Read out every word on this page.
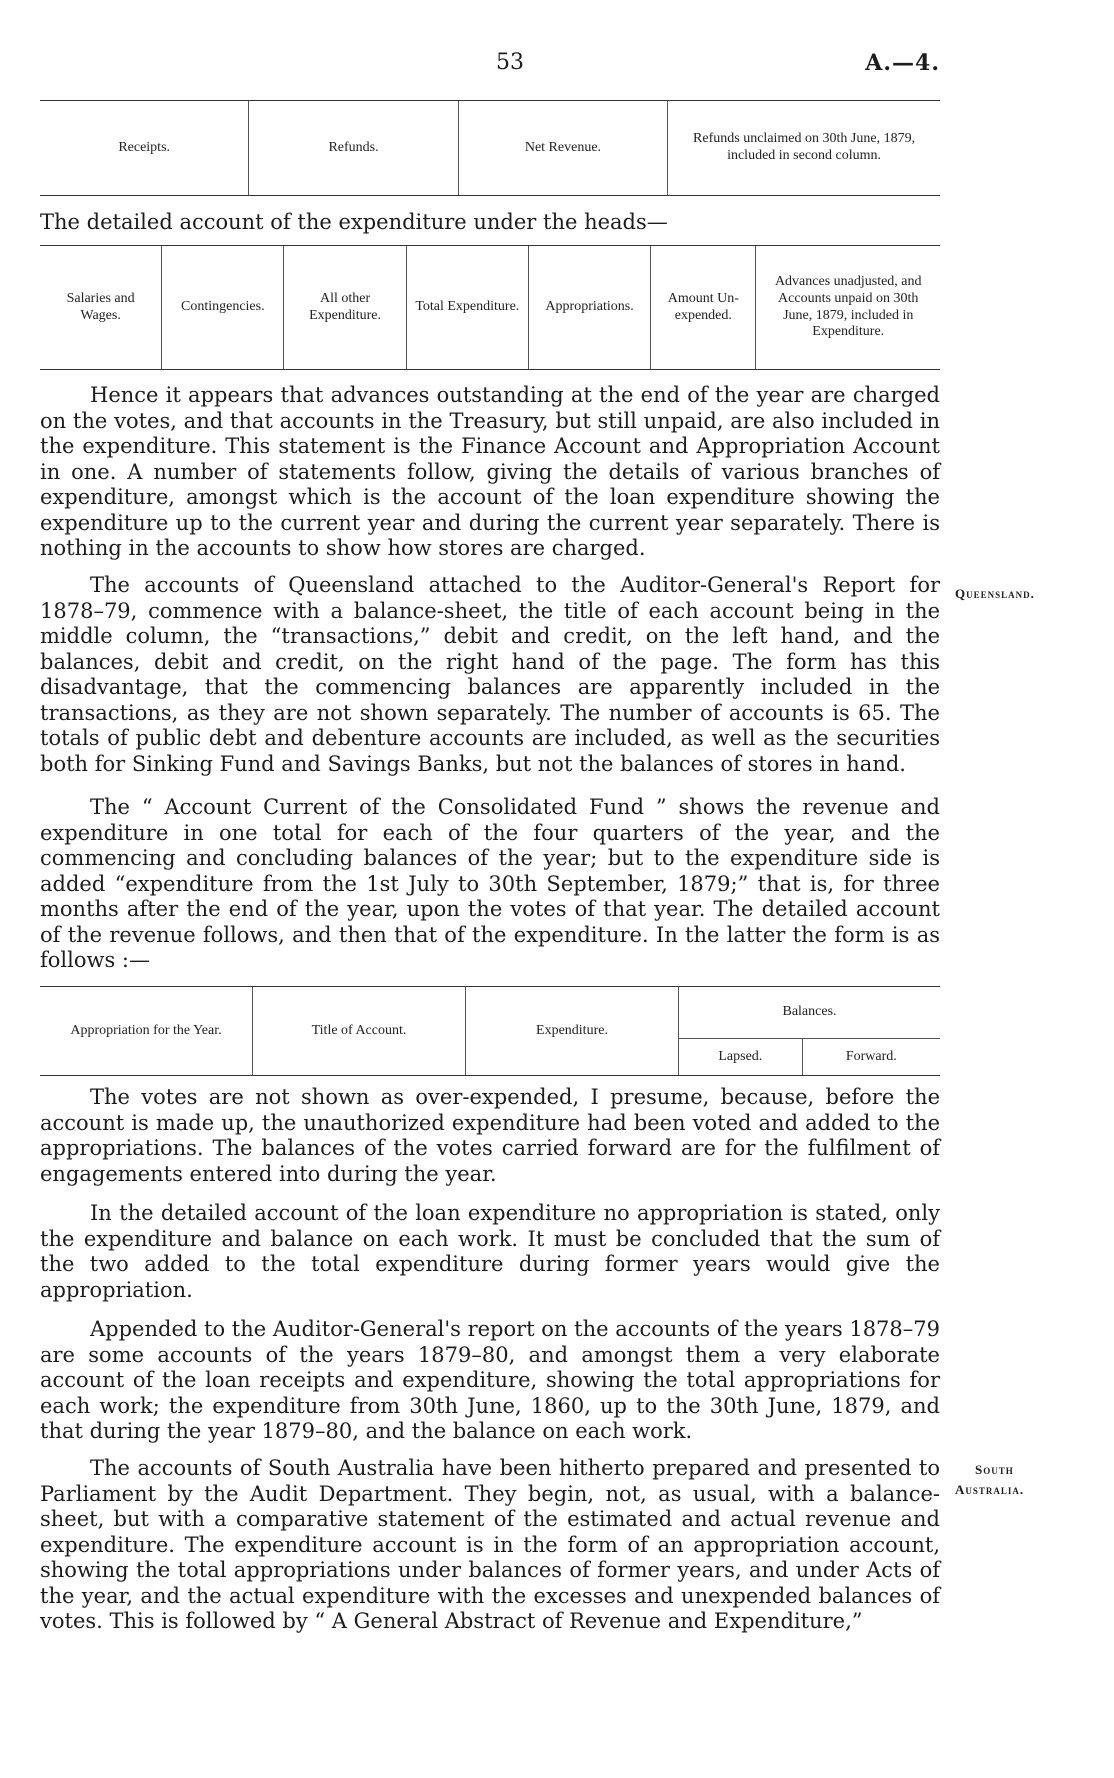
53	A.—4.
Receipts.	Refunds.	Net Revenue.	Refunds unclaimed on 30th June, 1879, included in second column.
The detailed account of the expenditure under the heads—
Salaries and Wages.	Contingencies.	All other Expenditure.	Total Expenditure.	Appropriations.	Amount Un-expended.	Advances unadjusted, and Accounts unpaid on 30th June, 1879, included in Expenditure.

Hence it appears that advances outstanding at the end of the year are charged on the votes, and that accounts in the Treasury, but still unpaid, are also included in the expenditure. This statement is the Finance Account and Appropriation Account in one. A number of statements follow, giving the details of various branches of expenditure, amongst which is the account of the loan expenditure showing the expenditure up to the current year and during the current year separately. There is nothing in the accounts to show how stores are charged.

The accounts of Queensland attached to the Auditor-General's Report for 1878–79, commence with a balance-sheet, the title of each account being in the middle column, the “transactions,” debit and credit, on the left hand, and the balances, debit and credit, on the right hand of the page. The form has this disadvantage, that the commencing balances are apparently included in the transactions, as they are not shown separately. The number of accounts is 65. The totals of public debt and debenture accounts are included, as well as the securities both for Sinking Fund and Savings Banks, but not the balances of stores in hand.

The “ Account Current of the Consolidated Fund ” shows the revenue and expenditure in one total for each of the four quarters of the year, and the commencing and concluding balances of the year; but to the expenditure side is added “expenditure from the 1st July to 30th September, 1879;” that is, for three months after the end of the year, upon the votes of that year. The detailed account of the revenue follows, and then that of the expenditure. In the latter the form is as follows :—

Appropriation for the Year.	Title of Account.	Expenditure.	Balances.	
			Lapsed.	Forward.

The votes are not shown as over-expended, I presume, because, before the account is made up, the unauthorized expenditure had been voted and added to the appropriations. The balances of the votes carried forward are for the fulfilment of engagements entered into during the year.

In the detailed account of the loan expenditure no appropriation is stated, only the expenditure and balance on each work. It must be concluded that the sum of the two added to the total expenditure during former years would give the appropriation.

Appended to the Auditor-General's report on the accounts of the years 1878–79 are some accounts of the years 1879–80, and amongst them a very elaborate account of the loan receipts and expenditure, showing the total appropriations for each work; the expenditure from 30th June, 1860, up to the 30th June, 1879, and that during the year 1879–80, and the balance on each work.

The accounts of South Australia have been hitherto prepared and presented to Parliament by the Audit Department. They begin, not, as usual, with a balance-sheet, but with a comparative statement of the estimated and actual revenue and expenditure. The expenditure account is in the form of an appropriation account, showing the total appropriations under balances of former years, and under Acts of the year, and the actual expenditure with the excesses and unexpended balances of votes. This is followed by “ A General Abstract of Revenue and Expenditure,”

Queensland.
South
Australia.
